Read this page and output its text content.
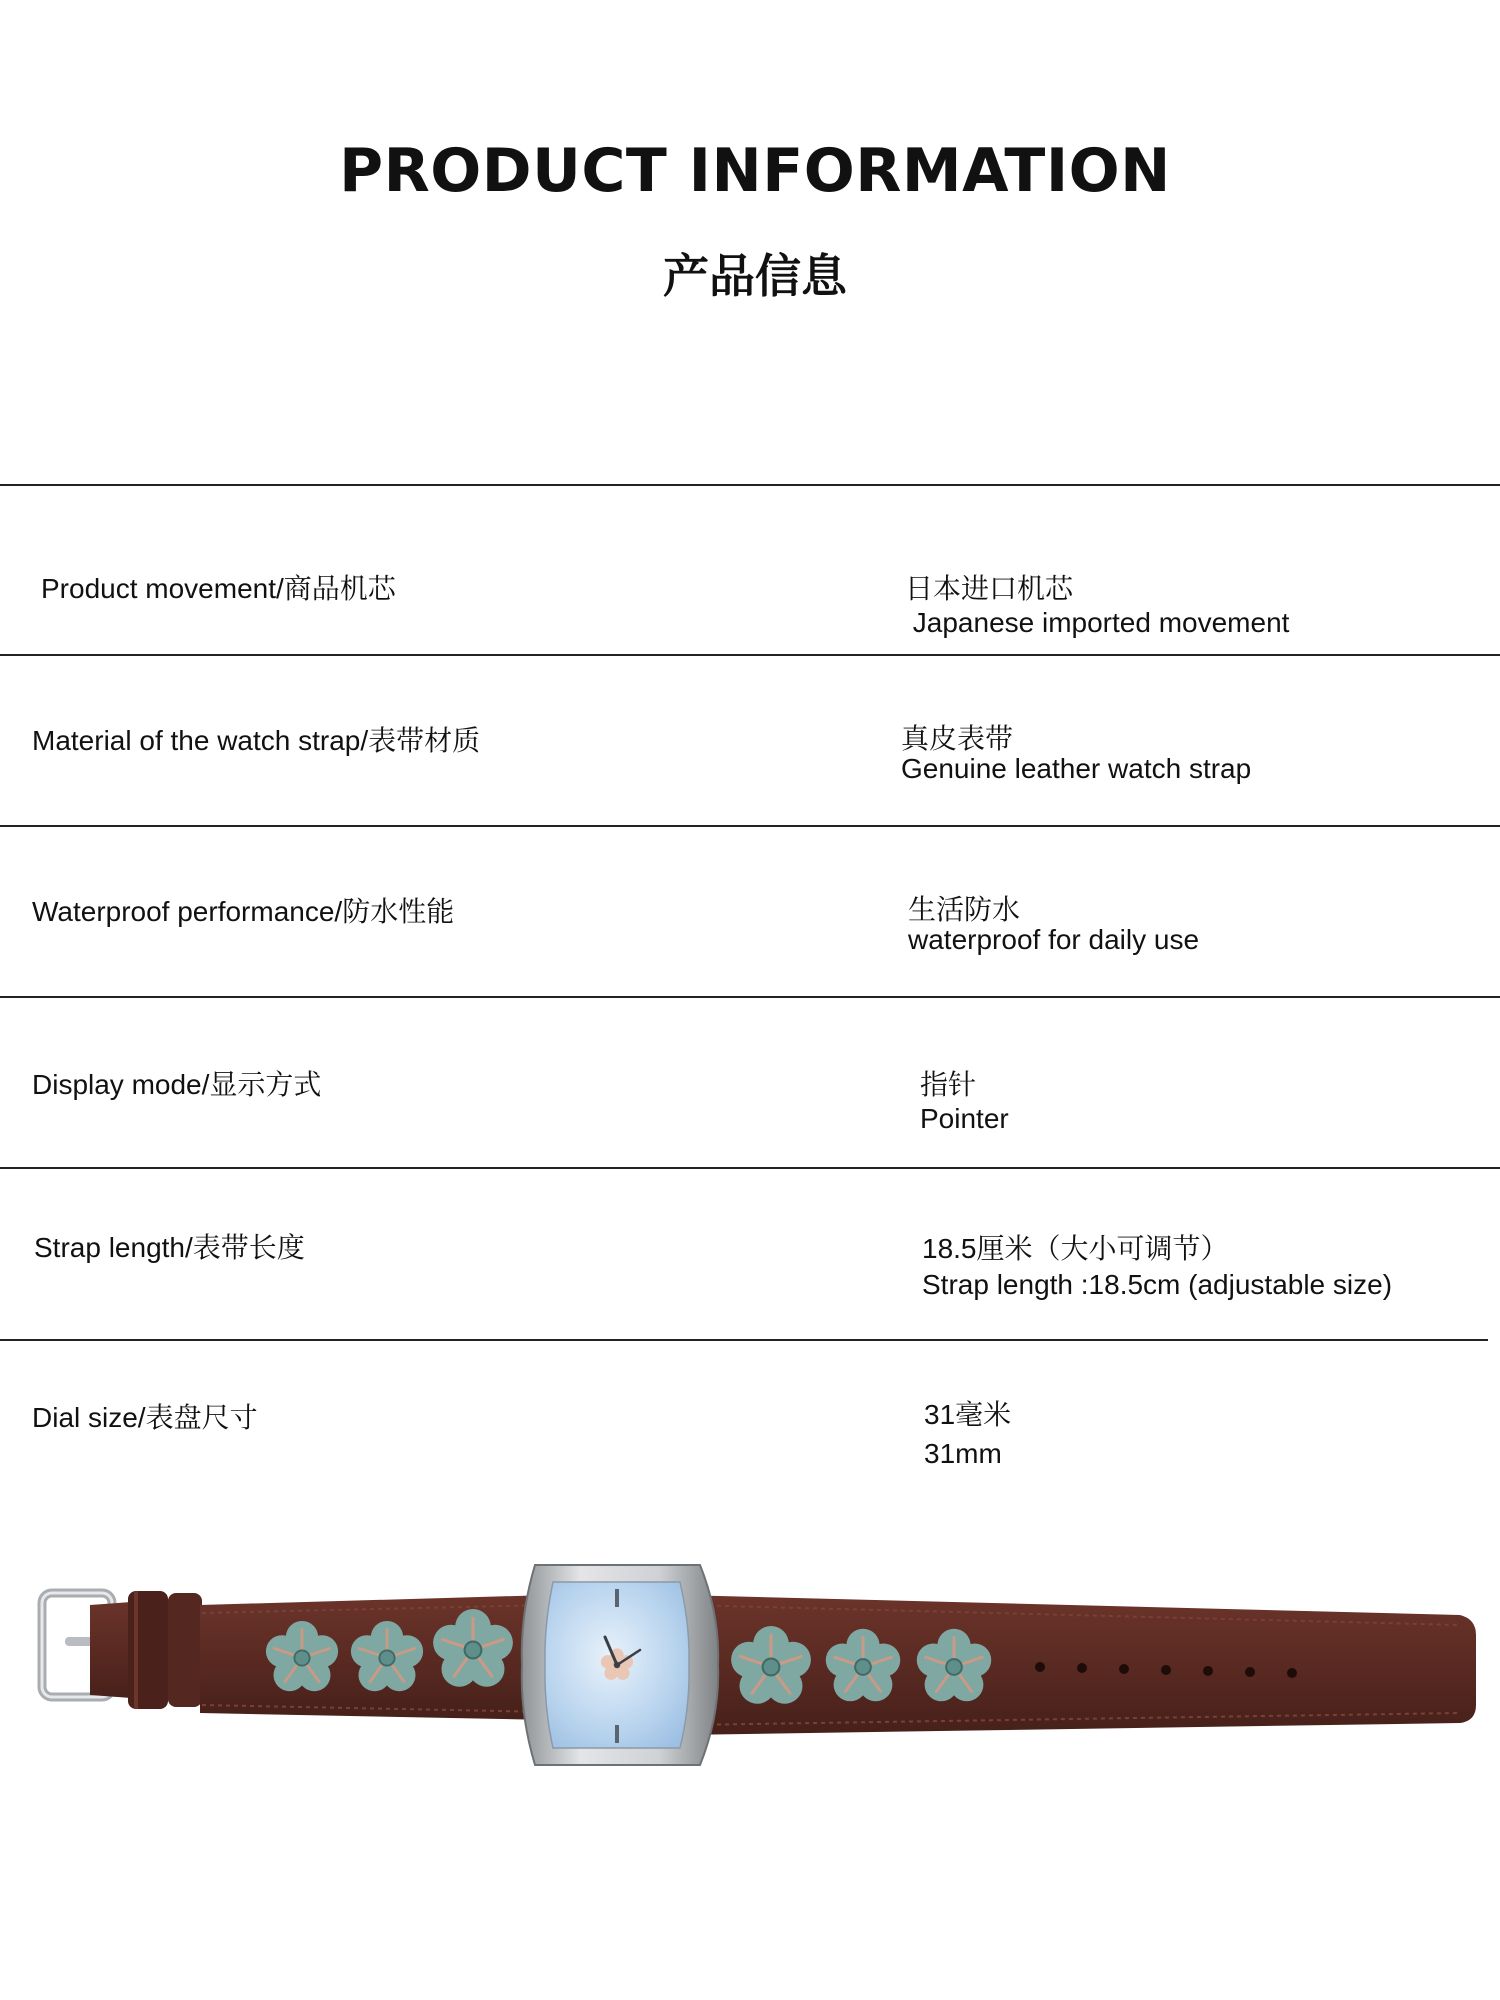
PRODUCT INFORMATION
产品信息
Product movement/商品机芯	日本进口机芯
Japanese imported movement
Material of the watch strap/表带材质	真皮表带
Genuine leather watch strap
Waterproof performance/防水性能	生活防水
waterproof for daily use
Display mode/显示方式	指针
Pointer
Strap length/表带长度	18.5厘米（大小可调节）
Strap length :18.5cm (adjustable size)
Dial size/表盘尺寸	31毫米
31mm
